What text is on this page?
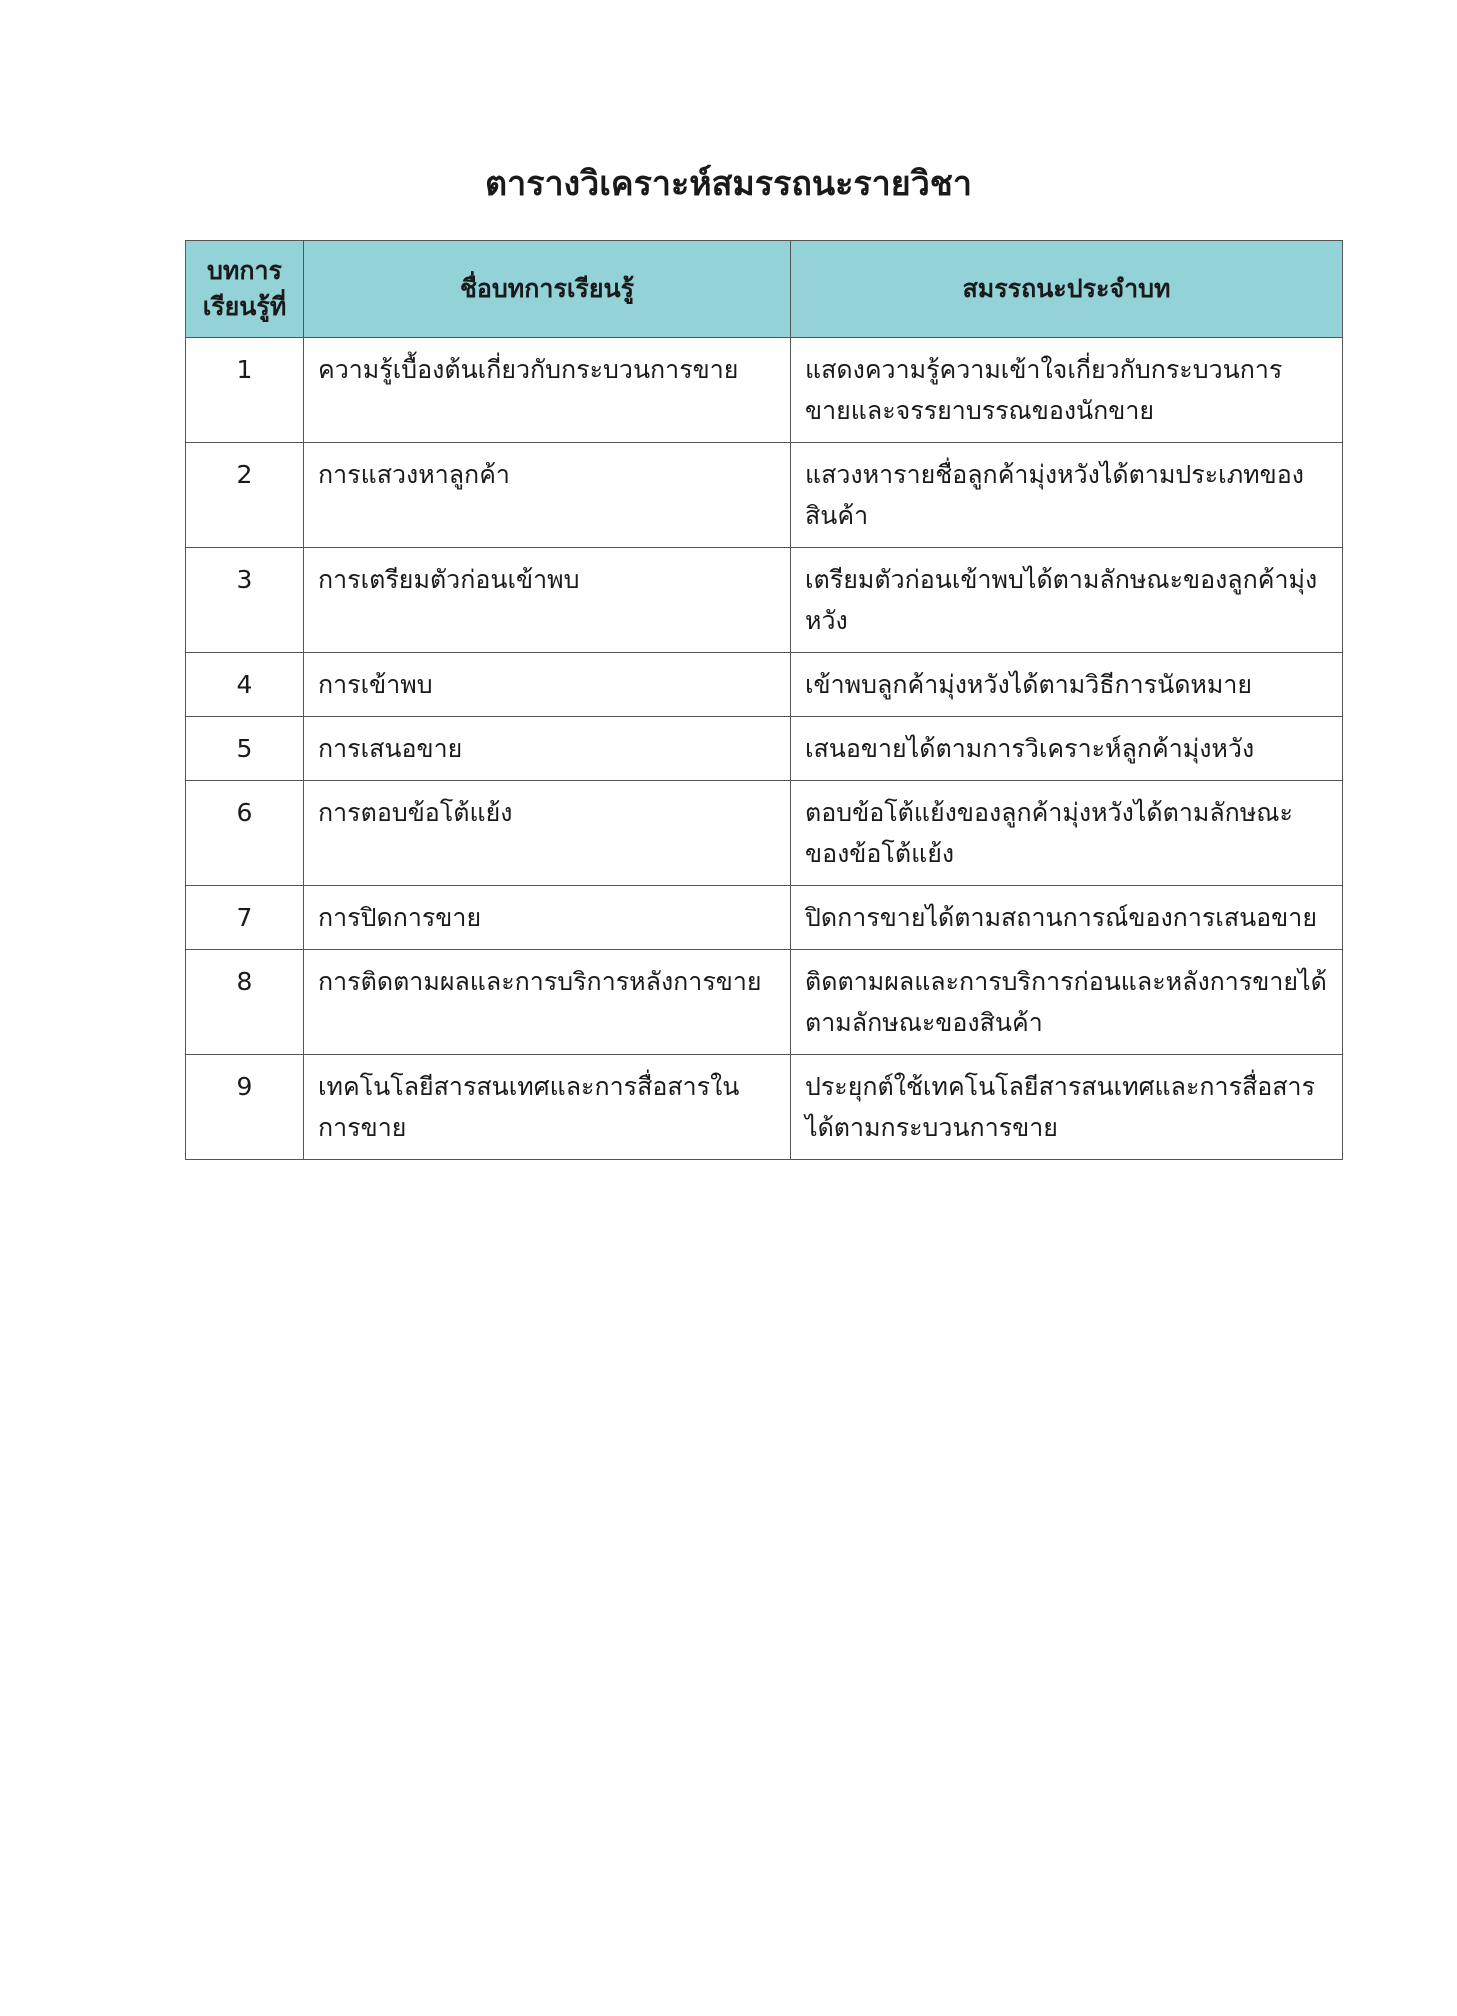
ตารางวิเคราะห์สมรรถนะรายวิชา
บทการเรียนรู้ที่	ชื่อบทการเรียนรู้	สมรรถนะประจำบท
1	ความรู้เบื้องต้นเกี่ยวกับกระบวนการขาย	แสดงความรู้ความเข้าใจเกี่ยวกับกระบวนการขายและจรรยาบรรณของนักขาย
2	การแสวงหาลูกค้า	แสวงหารายชื่อลูกค้ามุ่งหวังได้ตามประเภทของสินค้า
3	การเตรียมตัวก่อนเข้าพบ	เตรียมตัวก่อนเข้าพบได้ตามลักษณะของลูกค้ามุ่งหวัง
4	การเข้าพบ	เข้าพบลูกค้ามุ่งหวังได้ตามวิธีการนัดหมาย
5	การเสนอขาย	เสนอขายได้ตามการวิเคราะห์ลูกค้ามุ่งหวัง
6	การตอบข้อโต้แย้ง	ตอบข้อโต้แย้งของลูกค้ามุ่งหวังได้ตามลักษณะของข้อโต้แย้ง
7	การปิดการขาย	ปิดการขายได้ตามสถานการณ์ของการเสนอขาย
8	การติดตามผลและการบริการหลังการขาย	ติดตามผลและการบริการก่อนและหลังการขายได้ตามลักษณะของสินค้า
9	เทคโนโลยีสารสนเทศและการสื่อสารในการขาย	ประยุกต์ใช้เทคโนโลยีสารสนเทศและการสื่อสารได้ตามกระบวนการขาย
